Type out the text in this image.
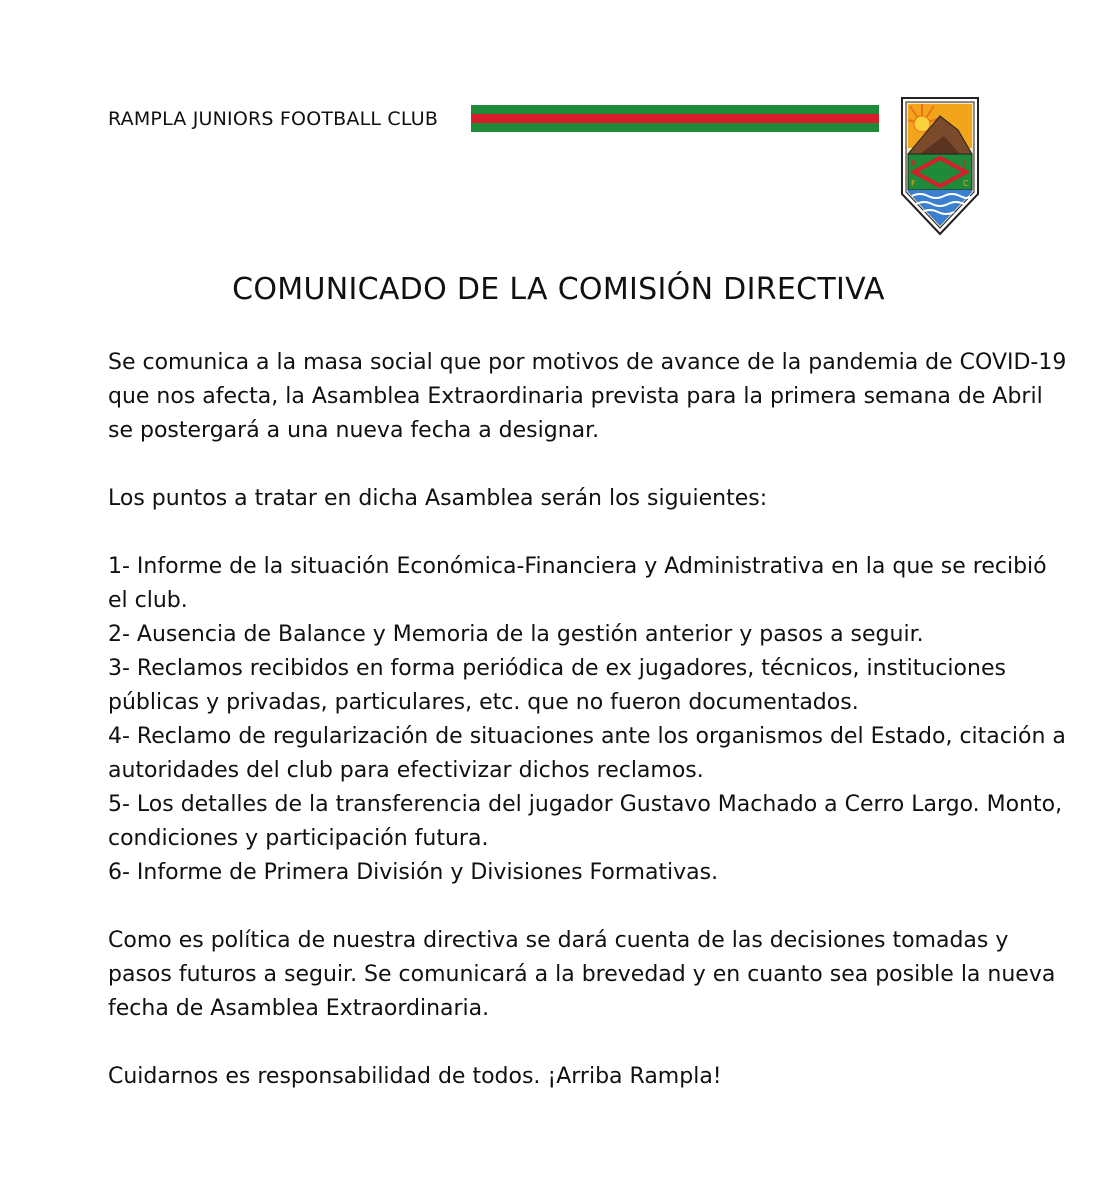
RAMPLA JUNIORS FOOTBALL CLUB
R	J
F	C
COMUNICADO DE LA COMISIÓN DIRECTIVA

Se comunica a la masa social que por motivos de avance de la pandemia de COVID-19 que nos afecta, la Asamblea Extraordinaria prevista para la primera semana de Abril se postergará a una nueva fecha a designar.

Los puntos a tratar en dicha Asamblea serán los siguientes:

1- Informe de la situación Económica-Financiera y Administrativa en la que se recibió el club.
2- Ausencia de Balance y Memoria de la gestión anterior y pasos a seguir.
3- Reclamos recibidos en forma periódica de ex jugadores, técnicos, instituciones públicas y privadas, particulares, etc. que no fueron documentados.
4- Reclamo de regularización de situaciones ante los organismos del Estado, citación a autoridades del club para efectivizar dichos reclamos.
5- Los detalles de la transferencia del jugador Gustavo Machado a Cerro Largo. Monto, condiciones y participación futura.
6- Informe de Primera División y Divisiones Formativas.

Como es política de nuestra directiva se dará cuenta de las decisiones tomadas y pasos futuros a seguir. Se comunicará a la brevedad y en cuanto sea posible la nueva fecha de Asamblea Extraordinaria.

Cuidarnos es responsabilidad de todos. ¡Arriba Rampla!
